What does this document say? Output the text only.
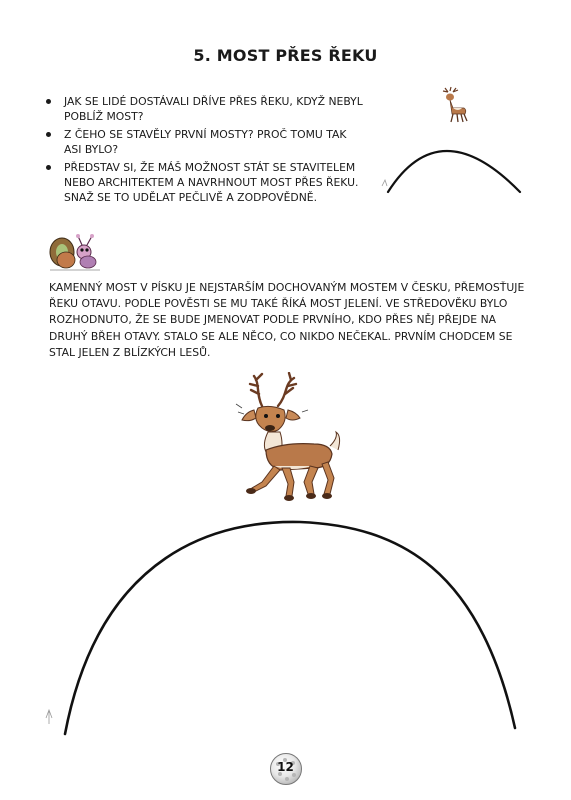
5. MOST PŘES ŘEKU
JAK SE LIDÉ DOSTÁVALI DŘÍVE PŘES ŘEKU, KDYŽ NEBYL POBLÍŽ MOST?
Z ČEHO SE STAVĚLY PRVNÍ MOSTY? PROČ TOMU TAK ASI BYLO?
PŘEDSTAV SI, ŽE MÁŠ MOŽNOST STÁT SE STAVITELEM NEBO ARCHITEKTEM A NAVRHNOUT MOST PŘES ŘEKU. SNAŽ SE TO UDĚLAT PEČLIVĚ A ZODPOVĚDNĚ.

KAMENNÝ MOST V PÍSKU JE NEJSTARŠÍM DOCHOVANÝM MOSTEM V ČESKU, PŘEMOSŤUJE ŘEKU OTAVU. PODLE POVĚSTI SE MU TAKÉ ŘÍKÁ MOST JELENÍ. VE STŘEDOVĚKU BYLO ROZHODNUTO, ŽE SE BUDE JMENOVAT PODLE PRVNÍHO, KDO PŘES NĚJ PŘEJDE NA DRUHÝ BŘEH OTAVY. STALO SE ALE NĚCO, CO NIKDO NEČEKAL. PRVNÍM CHODCEM SE STAL JELEN Z BLÍZKÝCH LESŮ.

12
